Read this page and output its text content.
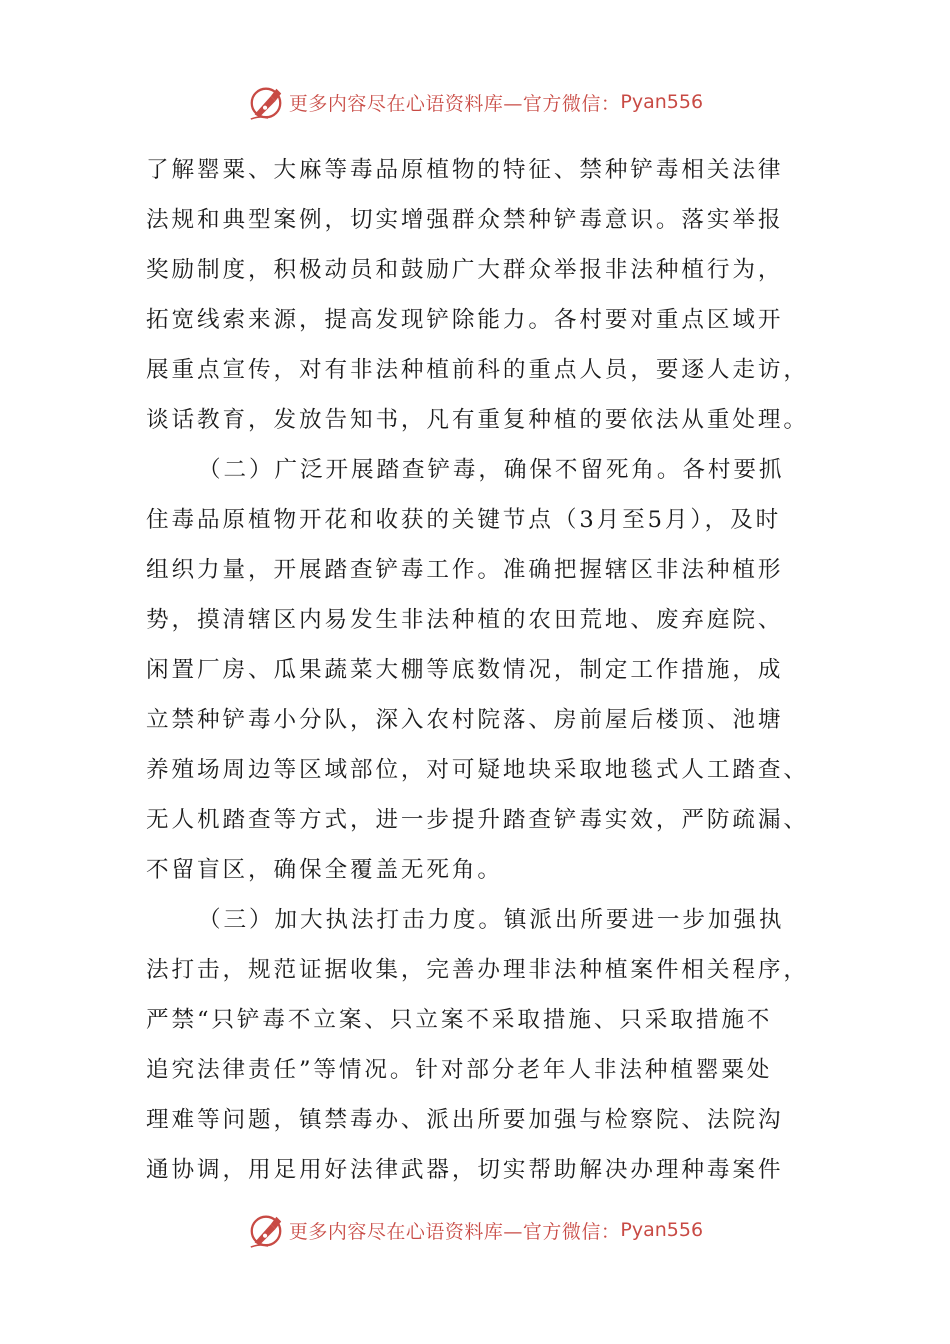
更多内容尽在心语资料库—官方微信： Pyan556
了解罂粟、大麻等毒品原植物的特征、禁种铲毒相关法律
法规和典型案例，切实增强群众禁种铲毒意识。落实举报
奖励制度，积极动员和鼓励广大群众举报非法种植行为，
拓宽线索来源，提高发现铲除能力。各村要对重点区域开
展重点宣传，对有非法种植前科的重点人员，要逐人走访，
谈话教育，发放告知书，凡有重复种植的要依法从重处理。
（二）广泛开展踏查铲毒，确保不留死角。各村要抓
住毒品原植物开花和收获的关键节点（3月至5月），及时
组织力量，开展踏查铲毒工作。准确把握辖区非法种植形
势，摸清辖区内易发生非法种植的农田荒地、废弃庭院、
闲置厂房、瓜果蔬菜大棚等底数情况，制定工作措施，成
立禁种铲毒小分队，深入农村院落、房前屋后楼顶、池塘
养殖场周边等区域部位，对可疑地块采取地毯式人工踏查、
无人机踏查等方式，进一步提升踏查铲毒实效，严防疏漏、
不留盲区，确保全覆盖无死角。
（三）加大执法打击力度。镇派出所要进一步加强执
法打击，规范证据收集，完善办理非法种植案件相关程序，
严禁“只铲毒不立案、只立案不采取措施、只采取措施不
追究法律责任”等情况。针对部分老年人非法种植罂粟处
理难等问题，镇禁毒办、派出所要加强与检察院、法院沟
通协调，用足用好法律武器，切实帮助解决办理种毒案件
更多内容尽在心语资料库—官方微信： Pyan556
